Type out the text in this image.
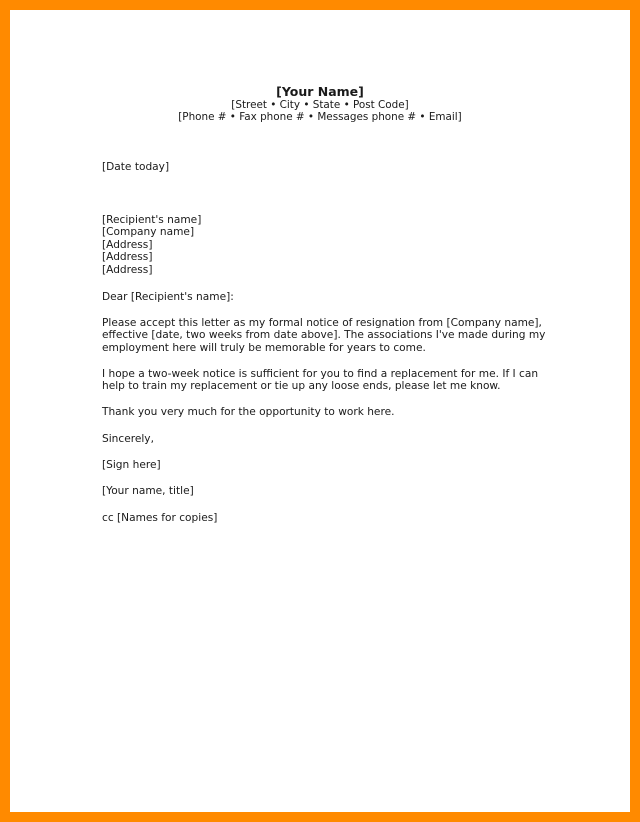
[Your Name]
[Street • City • State • Post Code]
[Phone # • Fax phone # • Messages phone # • Email]
[Date today]
[Recipient's name]
[Company name]
[Address]
[Address]
[Address]
Dear [Recipient's name]:
Please accept this letter as my formal notice of resignation from [Company name],
effective [date, two weeks from date above]. The associations I've made during my
employment here will truly be memorable for years to come.
I hope a two-week notice is sufficient for you to find a replacement for me. If I can
help to train my replacement or tie up any loose ends, please let me know.
Thank you very much for the opportunity to work here.
Sincerely,
[Sign here]
[Your name, title]
cc [Names for copies]
